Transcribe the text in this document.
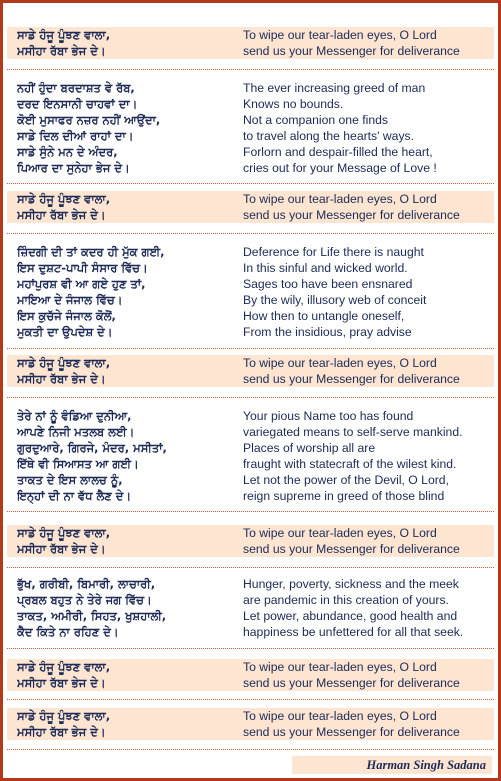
ਸਾਡੇ ਹੰਜੂ ਪੂੰਝਣ ਵਾਲਾ,
ਮਸੀਹਾ ਰੱਬਾ ਭੇਜ ਦੇ।
To wipe our tear-laden eyes, O Lord
send us your Messenger for deliverance
ਨਹੀਂ ਹੁੰਦਾ ਬਰਦਾਸ਼ਤ ਵੇ ਰੱਬ,
ਦਰਦ ਇਨਸਾਨੀ ਚਾਹਵਾਂ ਦਾ।
ਕੋਈ ਮੁਸਾਫਰ ਨਜ਼ਰ ਨਹੀਂ ਆਉਂਦਾ,
ਸਾਡੇ ਦਿਲ ਦੀਆਂ ਰਾਹਾਂ ਦਾ।
ਸਾਡੇ ਸੁੰਨੇ ਮਨ ਦੇ ਅੰਦਰ,
ਪਿਆਰ ਦਾ ਸੁਨੇਹਾ ਭੇਜ ਦੇ।
The ever increasing greed of man
Knows no bounds.
Not a companion one finds
to travel along the hearts' ways.
Forlorn and despair-filled the heart,
cries out for your Message of Love !
ਸਾਡੇ ਹੰਜੂ ਪੂੰਝਣ ਵਾਲਾ,
ਮਸੀਹਾ ਰੱਬਾ ਭੇਜ ਦੇ।
To wipe our tear-laden eyes, O Lord
send us your Messenger for deliverance
ਜ਼ਿੰਦਗੀ ਦੀ ਤਾਂ ਕਦਰ ਹੀ ਮੁੱਕ ਗਈ,
ਇਸ ਦੁਸ਼ਟ-ਪਾਪੀ ਸੰਸਾਰ ਵਿੱਚ।
ਮਹਾਂਪੁਰਸ਼ ਵੀ ਆ ਗਏ ਹੁਣ ਤਾਂ,
ਮਾਇਆ ਦੇ ਜੰਜਾਲ ਵਿੱਚ।
ਇਸ ਕੁਚੱਜੇ ਜੰਜਾਲ ਕੋਲੋਂ,
ਮੁਕਤੀ ਦਾ ਉਪਦੇਸ਼ ਦੇ।
Deference for Life there is naught
In this sinful and wicked world.
Sages too have been ensnared
By the wily, illusory web of conceit
How then to untangle oneself,
From the insidious, pray advise
ਸਾਡੇ ਹੰਜੂ ਪੂੰਝਣ ਵਾਲਾ,
ਮਸੀਹਾ ਰੱਬਾ ਭੇਜ ਦੇ।
To wipe our tear-laden eyes, O Lord
send us your Messenger for deliverance
ਤੇਰੇ ਨਾਂ ਨੂੰ ਵੰਡਿਆ ਦੁਨੀਆ,
ਆਪਣੇ ਨਿਜੀ ਮਤਲਬ ਲਈ।
ਗੁਰਦੁਆਰੇ, ਗਿਰਜੇ, ਮੰਦਰ, ਮਸੀਤਾਂ,
ਇੱਥੇ ਵੀ ਸਿਆਸਤ ਆ ਗਈ।
ਤਾਕਤ ਦੇ ਇਸ ਲਾਲਚ ਨੂੰ,
ਇਨ੍ਹਾਂ ਦੀ ਨਾ ਵੱਧ ਲੈਣ ਦੇ।
Your pious Name too has found
variegated means to self-serve mankind.
Places of worship all are
fraught with statecraft of the wilest kind.
Let not the power of the Devil, O Lord,
reign supreme in greed of those blind
ਸਾਡੇ ਹੰਜੂ ਪੂੰਝਣ ਵਾਲਾ,
ਮਸੀਹਾ ਰੱਬਾ ਭੇਜ ਦੇ।
To wipe our tear-laden eyes, O Lord
send us your Messenger for deliverance
ਭੁੱਖ, ਗਰੀਬੀ, ਬਿਮਾਰੀ, ਲਾਚਾਰੀ,
ਪ੍ਰਬਲ ਬਹੁਤ ਨੇ ਤੇਰੇ ਜਗ ਵਿੱਚ।
ਤਾਕਤ, ਅਮੀਰੀ, ਸਿਹਤ, ਖੁਸ਼ਹਾਲੀ,
ਕੈਦ ਕਿਤੇ ਨਾ ਰਹਿਣ ਦੇ।
Hunger, poverty, sickness and the meek
are pandemic in this creation of yours.
Let power, abundance, good health and
happiness be unfettered for all that seek.
ਸਾਡੇ ਹੰਜੂ ਪੂੰਝਣ ਵਾਲਾ,
ਮਸੀਹਾ ਰੱਬਾ ਭੇਜ ਦੇ।
To wipe our tear-laden eyes, O Lord
send us your Messenger for deliverance
ਸਾਡੇ ਹੰਜੂ ਪੂੰਝਣ ਵਾਲਾ,
ਮਸੀਹਾ ਰੱਬਾ ਭੇਜ ਦੇ।
To wipe our tear-laden eyes, O Lord
send us your Messenger for deliverance
Harman Singh Sadana
